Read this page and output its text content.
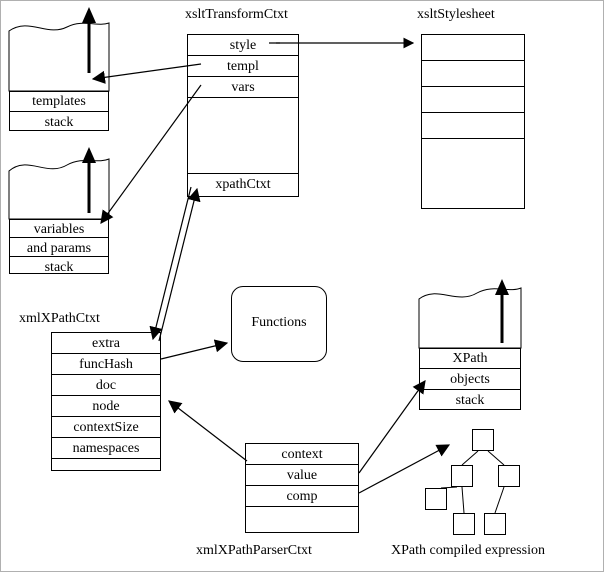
templates
stack
variables
and params
stack
XPath
objects
stack
style
templ
vars
xpathCtxt
extra
funcHash
doc
node
contextSize
namespaces	context
value
comp
Functions
xsltTransformCtxt	xsltStylesheet
xmlXPathCtxt
xmlXPathParserCtxt	XPath compiled expression
